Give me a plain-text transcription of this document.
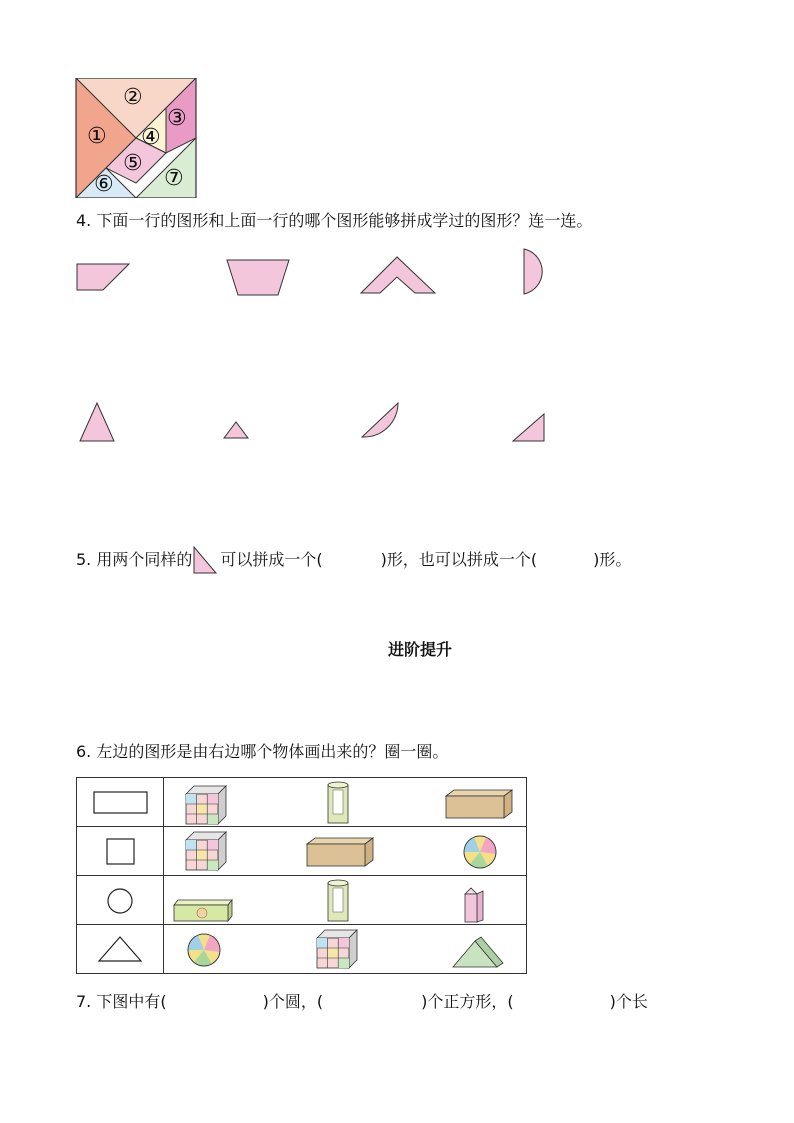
①
②
③
④
⑤
⑥ ⑦
4. 下面一行的图形和上面一行的哪个图形能够拼成学过的图形？连一连。
5. 用两个同样的 可以拼成一个(	)形，也可以拼成一个(	)形。
进阶提升
6. 左边的图形是由右边哪个物体画出来的？圈一圈。

7. 下图中有(	)个圆，(	)个正方形，(	)个长
